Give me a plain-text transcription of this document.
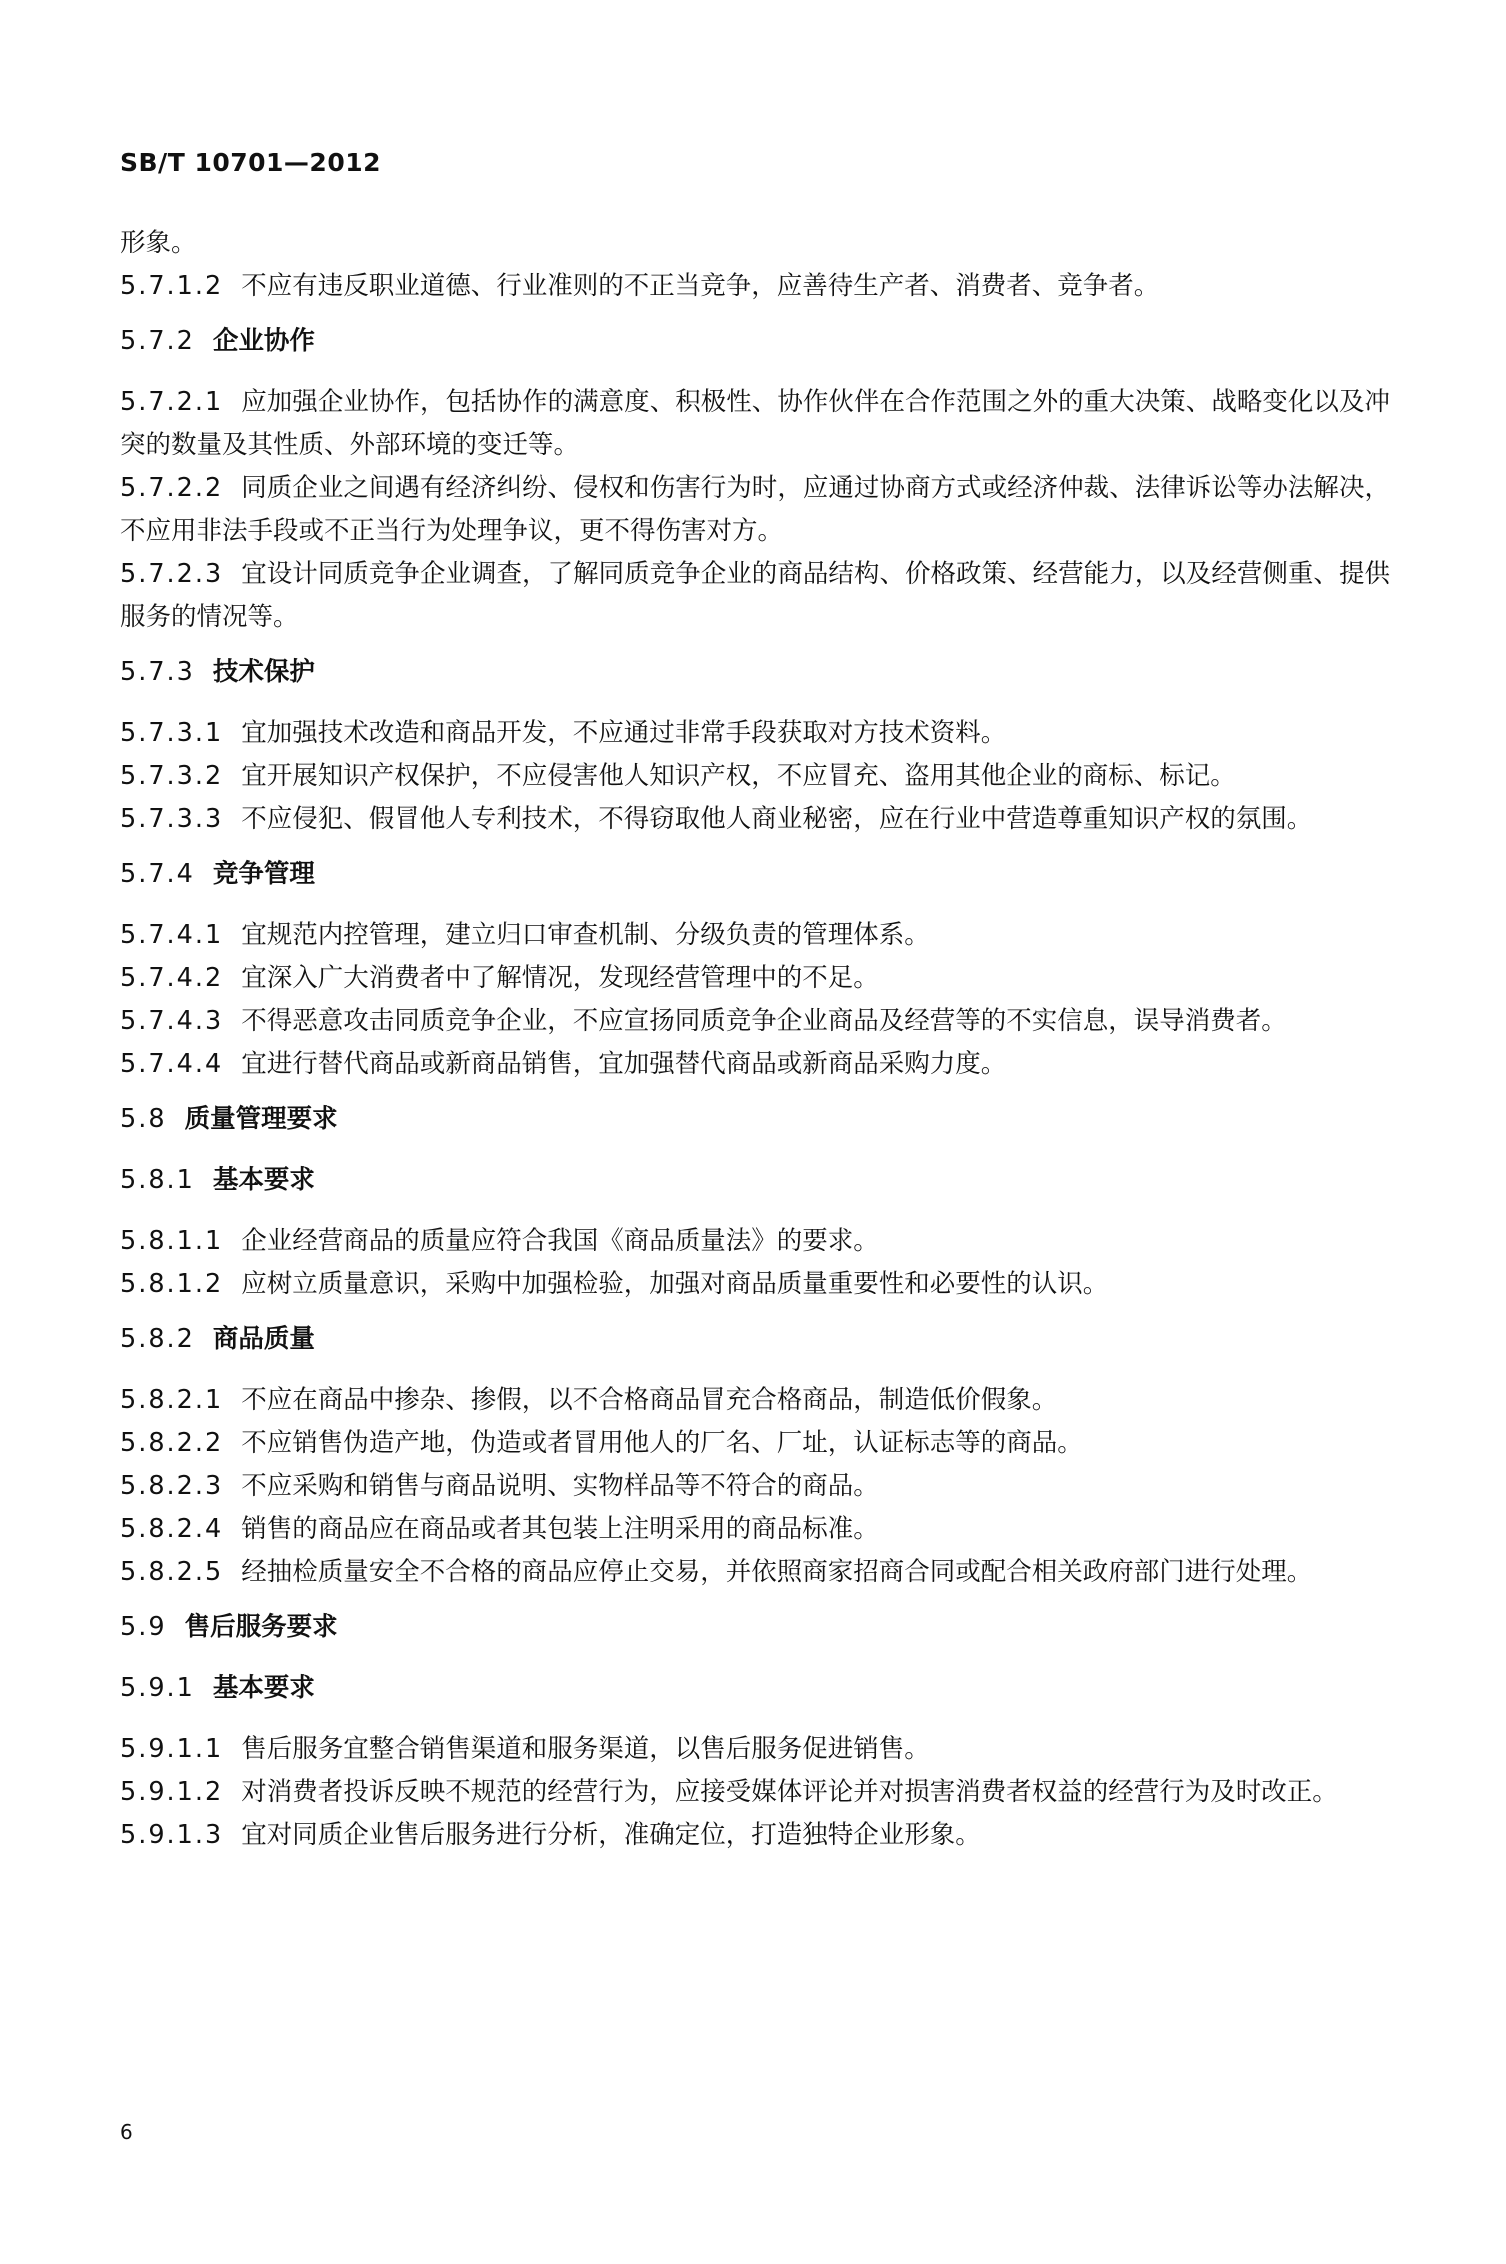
SB/T 10701—2012
形象。
5.7.1.2 不应有违反职业道德、行业准则的不正当竞争，应善待生产者、消费者、竞争者。
5.7.2 企业协作
5.7.2.1 应加强企业协作，包括协作的满意度、积极性、协作伙伴在合作范围之外的重大决策、战略变化以及冲突的数量及其性质、外部环境的变迁等。
5.7.2.2 同质企业之间遇有经济纠纷、侵权和伤害行为时，应通过协商方式或经济仲裁、法律诉讼等办法解决，不应用非法手段或不正当行为处理争议，更不得伤害对方。
5.7.2.3 宜设计同质竞争企业调查，了解同质竞争企业的商品结构、价格政策、经营能力，以及经营侧重、提供服务的情况等。
5.7.3 技术保护
5.7.3.1 宜加强技术改造和商品开发，不应通过非常手段获取对方技术资料。
5.7.3.2 宜开展知识产权保护，不应侵害他人知识产权，不应冒充、盗用其他企业的商标、标记。
5.7.3.3 不应侵犯、假冒他人专利技术，不得窃取他人商业秘密，应在行业中营造尊重知识产权的氛围。
5.7.4 竞争管理
5.7.4.1 宜规范内控管理，建立归口审查机制、分级负责的管理体系。
5.7.4.2 宜深入广大消费者中了解情况，发现经营管理中的不足。
5.7.4.3 不得恶意攻击同质竞争企业，不应宣扬同质竞争企业商品及经营等的不实信息，误导消费者。
5.7.4.4 宜进行替代商品或新商品销售，宜加强替代商品或新商品采购力度。
5.8 质量管理要求
5.8.1 基本要求
5.8.1.1 企业经营商品的质量应符合我国《商品质量法》的要求。
5.8.1.2 应树立质量意识，采购中加强检验，加强对商品质量重要性和必要性的认识。
5.8.2 商品质量
5.8.2.1 不应在商品中掺杂、掺假，以不合格商品冒充合格商品，制造低价假象。
5.8.2.2 不应销售伪造产地，伪造或者冒用他人的厂名、厂址，认证标志等的商品。
5.8.2.3 不应采购和销售与商品说明、实物样品等不符合的商品。
5.8.2.4 销售的商品应在商品或者其包装上注明采用的商品标准。
5.8.2.5 经抽检质量安全不合格的商品应停止交易，并依照商家招商合同或配合相关政府部门进行处理。
5.9 售后服务要求
5.9.1 基本要求
5.9.1.1 售后服务宜整合销售渠道和服务渠道，以售后服务促进销售。
5.9.1.2 对消费者投诉反映不规范的经营行为，应接受媒体评论并对损害消费者权益的经营行为及时改正。
5.9.1.3 宜对同质企业售后服务进行分析，准确定位，打造独特企业形象。
6
